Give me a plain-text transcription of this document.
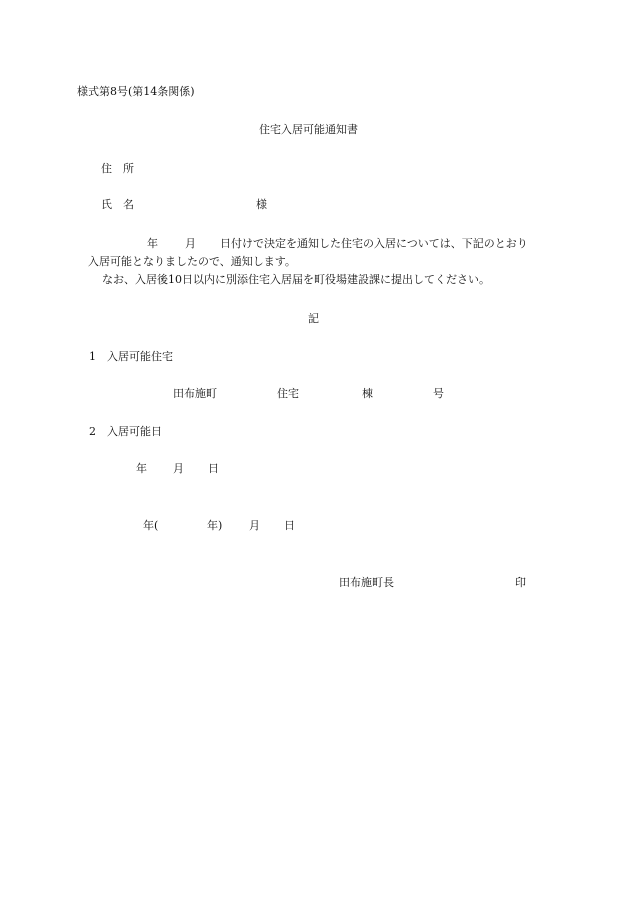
様式第8号(第14条関係)
住宅入居可能通知書
住　所
氏　名	様
年 月 日付けで決定を通知した住宅の入居については、下記のとおり
入居可能となりましたので、通知します。
なお、入居後10日以内に別添住宅入居届を町役場建設課に提出してください。
記
1　入居可能住宅
田布施町	住宅	棟	号
2　入居可能日
年 月 日
年(	年) 月 日
田布施町長	印
